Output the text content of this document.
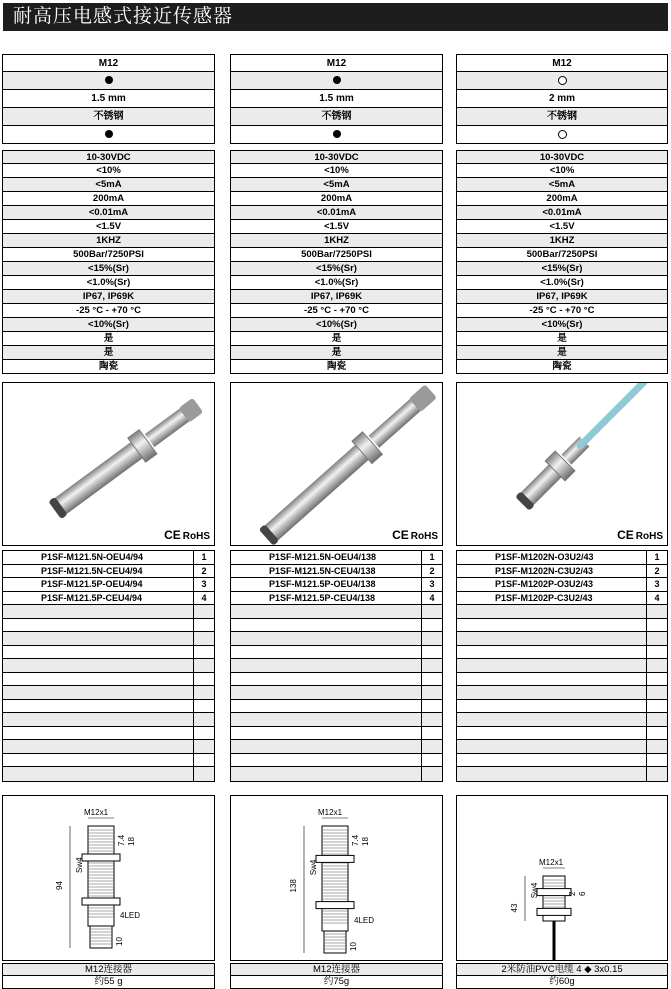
耐高压电感式接近传感器
M12
1.5 mm
不锈钢
10-30VDC
<10%
<5mA
200mA
<0.01mA
<1.5V
1KHZ
500Bar/7250PSI
<15%(Sr)
<1.0%(Sr)
IP67, IP69K
-25 °C - +70 °C
<10%(Sr)
是
是
陶瓷
CE RoHS
P1SF-M121.5N-OEU4/94	1
P1SF-M121.5N-CEU4/94	2
P1SF-M121.5P-OEU4/94	3
P1SF-M121.5P-CEU4/94	4
M12x1
7.4 18
94
Sw4
4LED
10
M12连接器
约55 g
M12
1.5 mm
不锈钢
10-30VDC
<10%
<5mA
200mA
<0.01mA
<1.5V
1KHZ
500Bar/7250PSI
<15%(Sr)
<1.0%(Sr)
IP67, IP69K
-25 °C - +70 °C
<10%(Sr)
是
是
陶瓷
CE RoHS
P1SF-M121.5N-OEU4/138	1
P1SF-M121.5N-CEU4/138	2
P1SF-M121.5P-OEU4/138	3
P1SF-M121.5P-CEU4/138	4
M12x1
7.4 18
138
Sw4
4LED
10
M12连接器
约75g
M12
2 mm
不锈钢
10-30VDC
<10%
<5mA
200mA
<0.01mA
<1.5V
1KHZ
500Bar/7250PSI
<15%(Sr)
<1.0%(Sr)
IP67, IP69K
-25 °C - +70 °C
<10%(Sr)
是
是
陶瓷
CE RoHS
P1SF-M1202N-O3U2/43	1
P1SF-M1202N-C3U2/43	2
P1SF-M1202P-O3U2/43	3
P1SF-M1202P-C3U2/43	4
M12x1
2 6
43
Sw4
2米防油PVC电缆 4 ◆ 3x0.15
约60g
